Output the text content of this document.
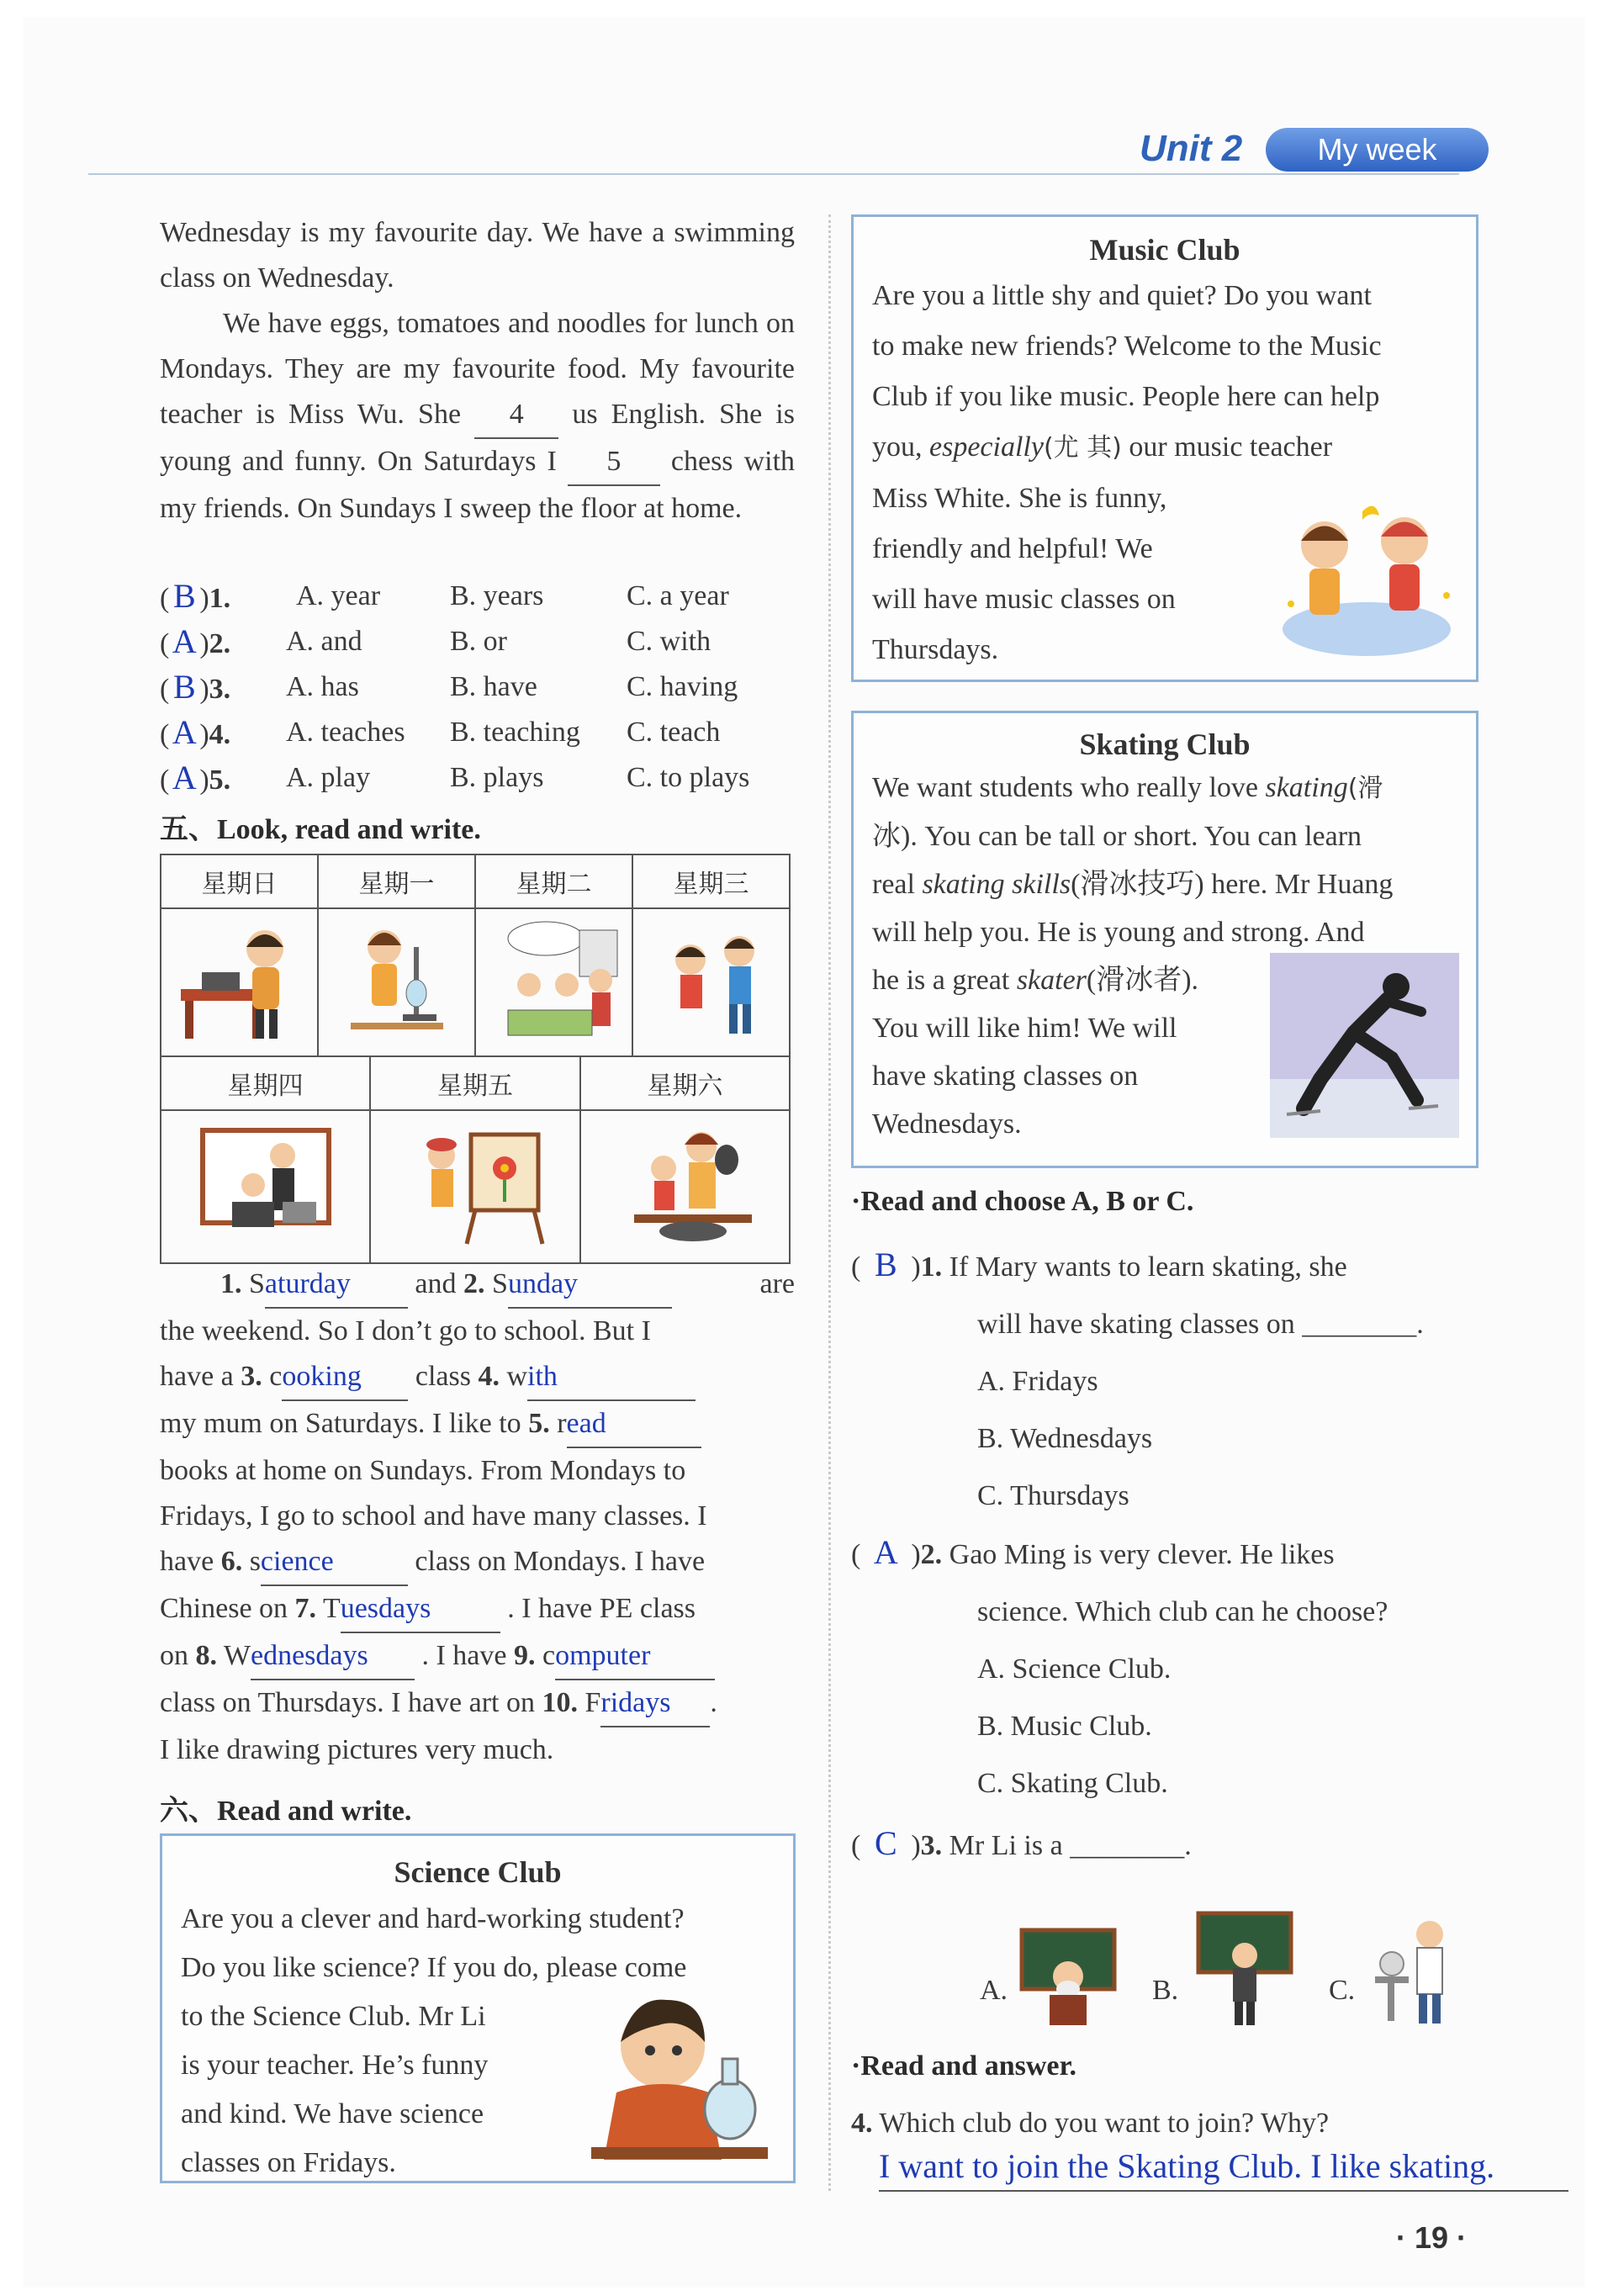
Unit 2	My week
Wednesday is my favourite day. We have a swimming class on Wednesday.
We have eggs, tomatoes and noodles for lunch on Mondays. They are my favourite food. My favourite teacher is Miss Wu. She 4 us English. She is young and funny. On Saturdays I 5 chess with my friends. On Sundays I sweep the floor at home.
( B )1. A. year B. years	C. a year
(A )2. A. and	B. or	C. with
( B )3. A. has	B. have	C. having
(A )4. A. teaches B. teaching C. teach
(A )5. A. play	B. plays	C. to plays
五、Look, read and write.
星期日	星期一	星期二	星期三

星期四	星期五	星期六

1. Saturday and 2. Sunday	are
the weekend. So I don’t go to school. But I
have a 3. cooking class 4. with
my mum on Saturdays. I like to 5. read
books at home on Sundays. From Mondays to
Fridays, I go to school and have many classes. I
have 6. science	class on Mondays. I have
Chinese on 7. Tuesdays	. I have PE class
on 8. Wednesdays . I have 9. computer
class on Thursdays. I have art on 10. Fridays .
I like drawing pictures very much.
六、Read and write.
Science Club
Are you a clever and hard-working student?
Do you like science? If you do, please come
to the Science Club. Mr Li
is your teacher. He’s funny
and kind. We have science
classes on Fridays.
Music Club
Are you a little shy and quiet? Do you want
to make new friends? Welcome to the Music
Club if you like music. People here can help
you, especially(尤 其) our music teacher
Miss White. She is funny,
friendly and helpful! We
will have music classes on
Thursdays.
Skating Club
We want students who really love skating(滑
冰). You can be tall or short. You can learn
real skating skills(滑冰技巧) here. Mr Huang
will help you. He is young and strong. And
he is a great skater(滑冰者).
You will like him! We will
have skating classes on
Wednesdays.
·Read and choose A, B or C.
( B )1. If Mary wants to learn skating, she
will have skating classes on ________.
A. Fridays
B. Wednesdays
C. Thursdays
( A )2. Gao Ming is very clever. He likes
science. Which club can he choose?
A. Science Club.
B. Music Club.
C. Skating Club.
( C )3. Mr Li is a ________.
A.	B.	C.
·Read and answer.
4. Which club do you want to join? Why?
I want to join the Skating Club. I like skating.
· 19 ·
